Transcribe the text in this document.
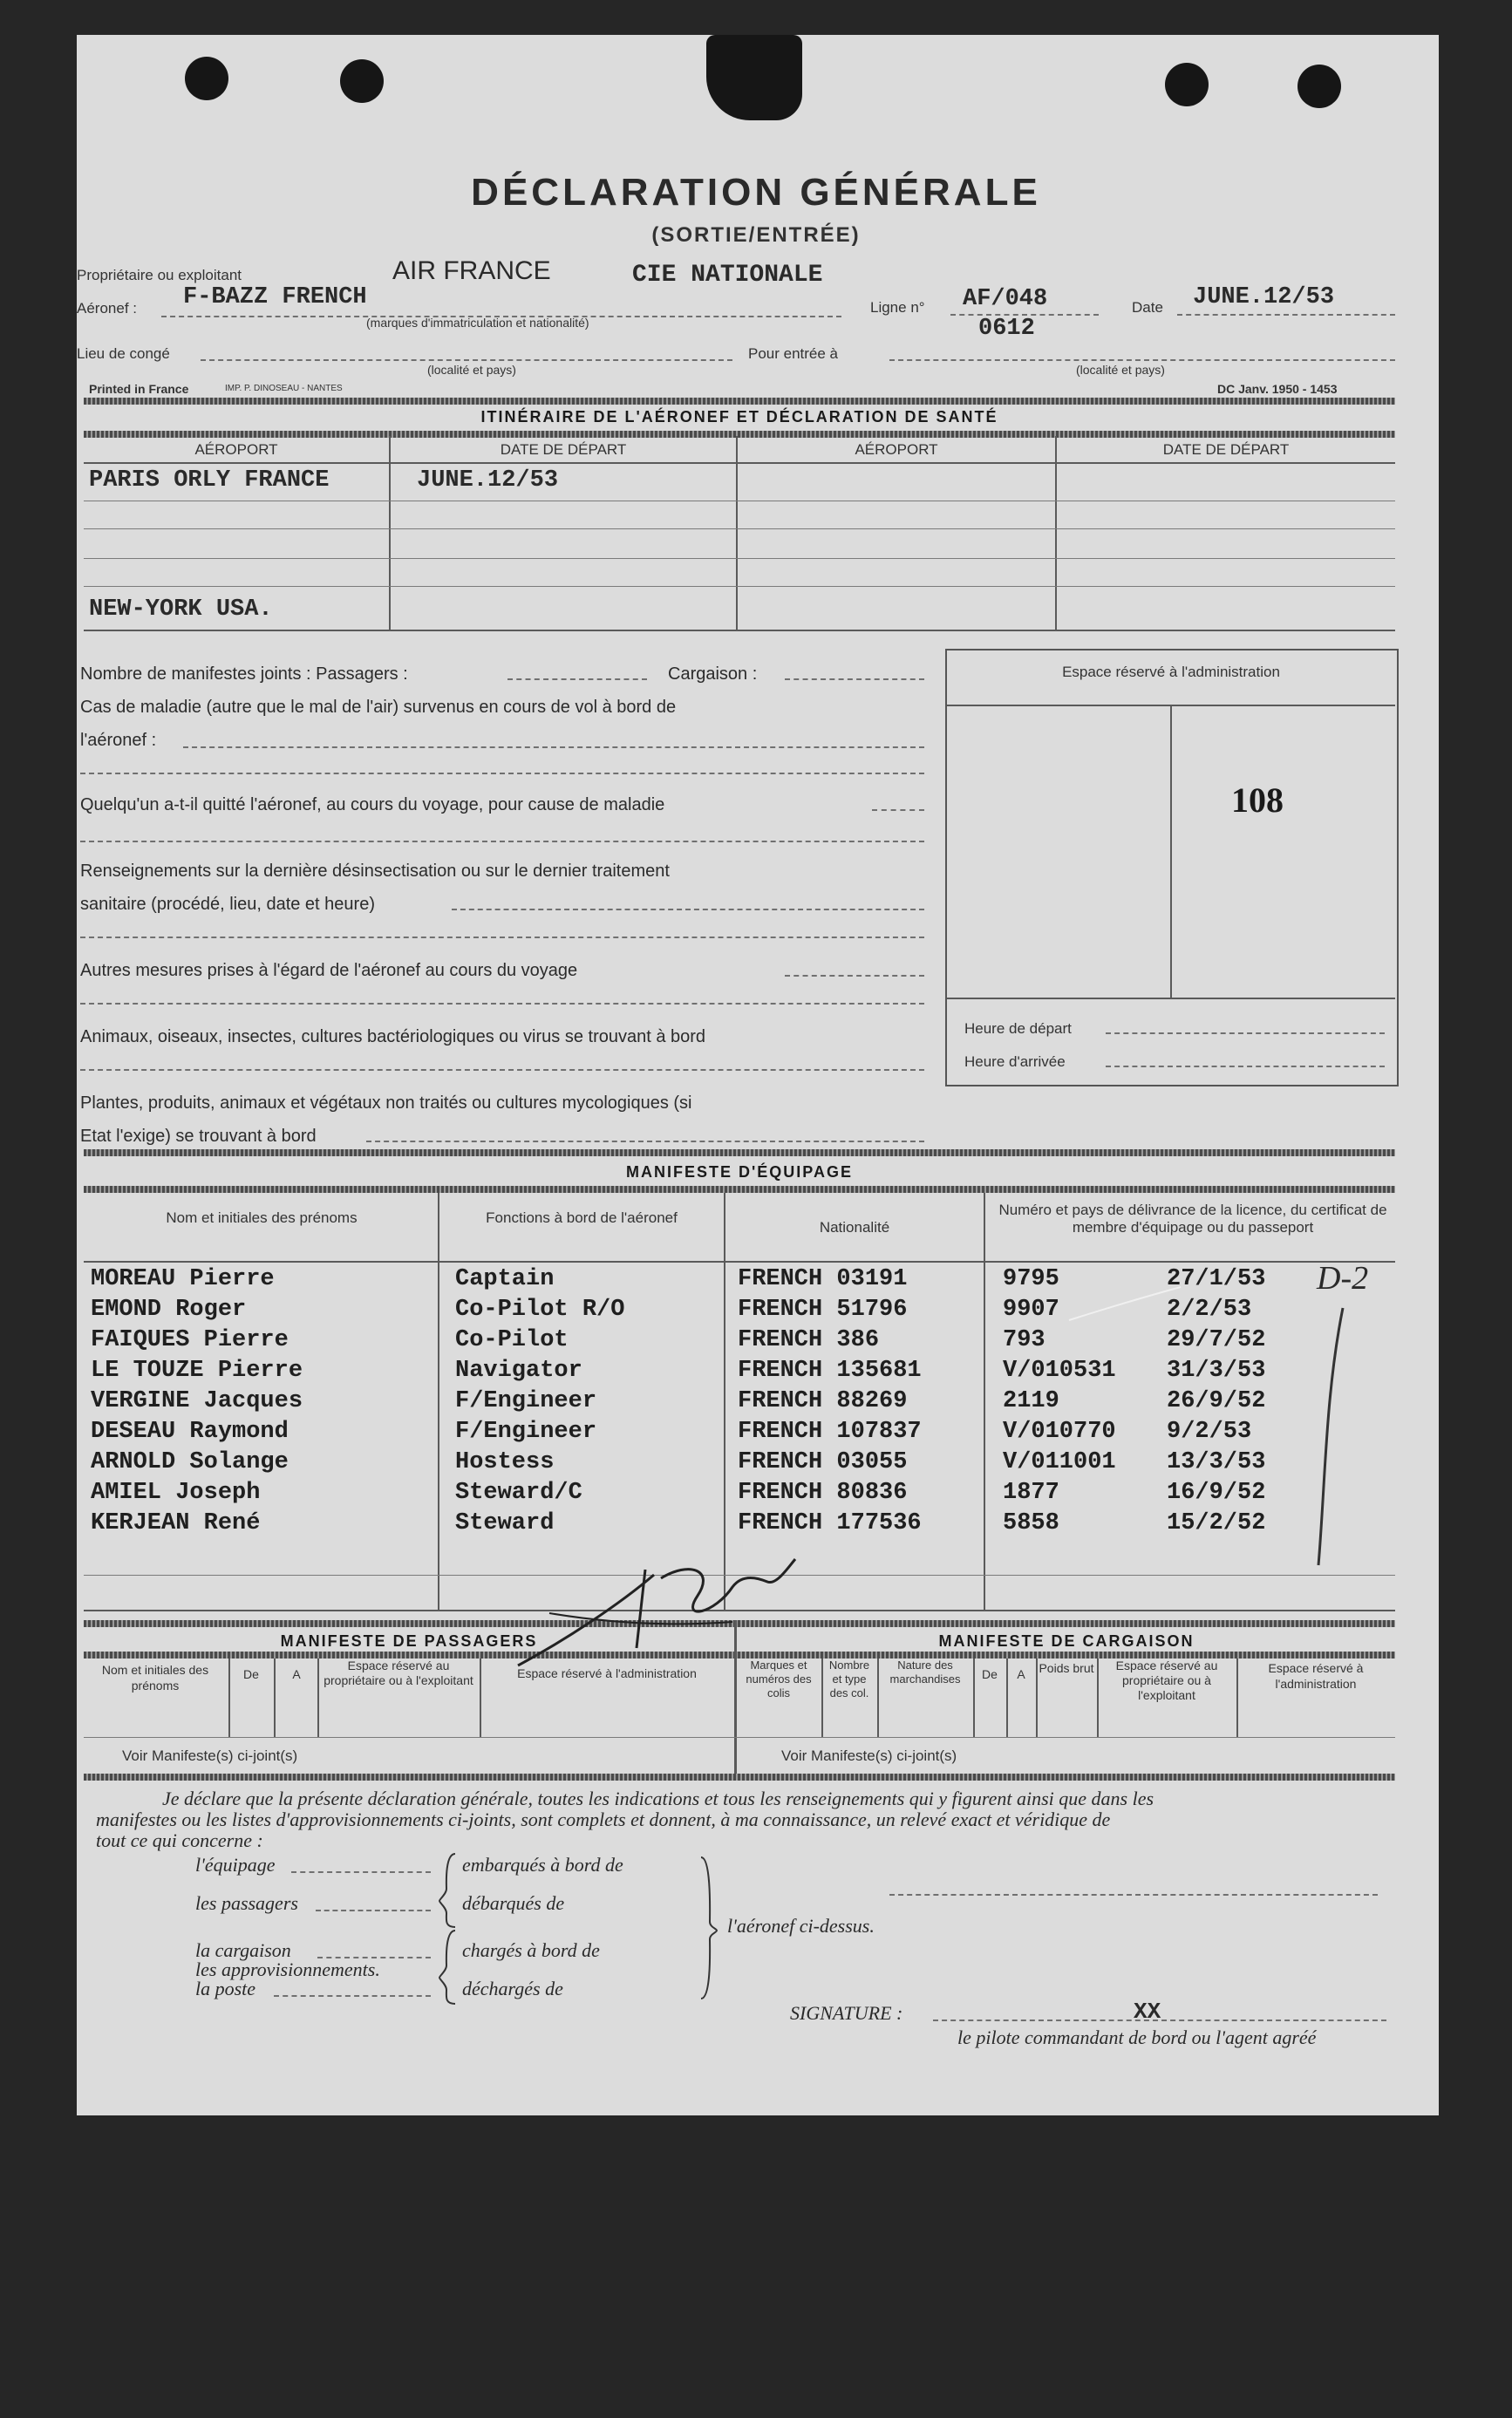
DÉCLARATION GÉNÉRALE
(SORTIE/ENTRÉE)
Propriétaire ou exploitant	AIR FRANCE	CIE NATIONALE
Aéronef : F-BAZZ FRENCH
(marques d'immatriculation et nationalité)
Ligne n° AF/048
0612
Date JUNE.12/53
Lieu de congé
(localité et pays)
Pour entrée à
(localité et pays)
Printed in France	IMP. P. DINOSEAU - NANTES	DC Janv. 1950 - 1453
ITINÉRAIRE DE L'AÉRONEF ET DÉCLARATION DE SANTÉ
AÉROPORT	DATE DE DÉPART	AÉROPORT	DATE DE DÉPART
PARIS ORLY FRANCE	JUNE.12/53
NEW-YORK USA.
Nombre de manifestes joints : Passagers :	Cargaison :
Cas de maladie (autre que le mal de l'air) survenus en cours de vol à bord de
l'aéronef :
Quelqu'un a-t-il quitté l'aéronef, au cours du voyage, pour cause de maladie
Renseignements sur la dernière désinsectisation ou sur le dernier traitement
sanitaire (procédé, lieu, date et heure)
Autres mesures prises à l'égard de l'aéronef au cours du voyage
Animaux, oiseaux, insectes, cultures bactériologiques ou virus se trouvant à bord
Plantes, produits, animaux et végétaux non traités ou cultures mycologiques (si
Etat l'exige) se trouvant à bord
Espace réservé à l'administration
108
Heure de départ
Heure d'arrivée
MANIFESTE D'ÉQUIPAGE
Nom et initiales des prénoms	Fonctions à bord de l'aéronef
Nationalité
Numéro et pays de délivrance de la licence, du certificat de membre d'équipage ou du passeport
MOREAU Pierre	Captain	FRENCH 03191	9795	27/1/53
EMOND Roger	Co-Pilot R/O	FRENCH 51796	9907	2/2/53
FAIQUES Pierre	Co-Pilot	FRENCH 386	793	29/7/52
LE TOUZE Pierre	Navigator	FRENCH 135681	V/010531 31/3/53
VERGINE Jacques	F/Engineer	FRENCH 88269	2119	26/9/52
DESEAU Raymond	F/Engineer	FRENCH 107837	V/010770 9/2/53
ARNOLD Solange	Hostess	FRENCH 03055	V/011001 13/3/53
AMIEL Joseph	Steward/C	FRENCH 80836	1877	16/9/52
KERJEAN René	Steward	FRENCH 177536	5858	15/2/52
D-2
MANIFESTE DE PASSAGERS	MANIFESTE DE CARGAISON
Nom et initiales des prénoms
De	A
Espace réservé au propriétaire ou à l'exploitant	Espace réservé à l'administration
Marques et numéros des colis
Nombre et type des col.
Nature des marchandises	De	A	Poids brut	Espace réservé au propriétaire ou à l'exploitant
Espace réservé à l'administration
Voir Manifeste(s) ci-joint(s)	Voir Manifeste(s) ci-joint(s)
Je déclare que la présente déclaration générale, toutes les indications et tous les renseignements qui y figurent ainsi que dans les
manifestes ou les listes d'approvisionnements ci-joints, sont complets et donnent, à ma connaissance, un relevé exact et véridique de
tout ce qui concerne :
l'équipage
les passagers
la cargaison
les approvisionnements.
la poste
embarqués à bord de
débarqués de
chargés à bord de
déchargés de
l'aéronef ci-dessus.
SIGNATURE :	XX
le pilote commandant de bord ou l'agent agréé
